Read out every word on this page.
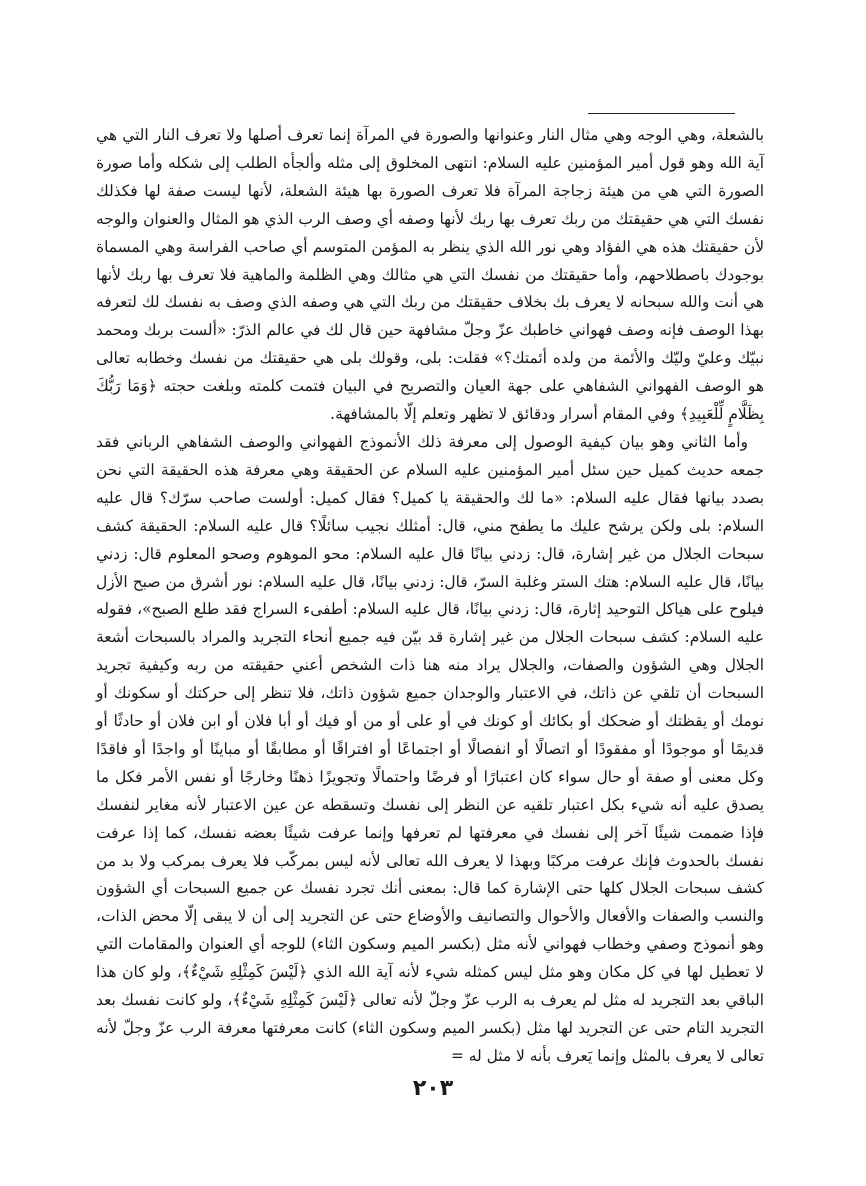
بالشعلة، وهي الوجه وهي مثال النار وعنوانها والصورة في المرآة إنما تعرف أصلها ولا تعرف النار التي هي آية الله وهو قول أمير المؤمنين عليه السلام: انتهى المخلوق إلى مثله وألجأه الطلب إلى شكله وأما صورة الصورة التي هي من هيئة زجاجة المرآة فلا تعرف الصورة بها هيئة الشعلة، لأنها ليست صفة لها فكذلك نفسك التي هي حقيقتك من ربك تعرف بها ربك لأنها وصفه أي وصف الرب الذي هو المثال والعنوان والوجه لأن حقيقتك هذه هي الفؤاد وهي نور الله الذي ينظر به المؤمن المتوسم أي صاحب الفراسة وهي المسماة بوجودك باصطلاحهم، وأما حقيقتك من نفسك التي هي مثالك وهي الظلمة والماهية فلا تعرف بها ربك لأنها هي أنت والله سبحانه لا يعرف بك بخلاف حقيقتك من ربك التي هي وصفه الذي وصف به نفسك لك لتعرفه بهذا الوصف فإنه وصف فهواني خاطبك عزّ وجلّ مشافهة حين قال لك في عالم الذرّ: «ألست بربك ومحمد نبيّك وعليّ وليّك والأئمة من ولده أئمتك؟» فقلت: بلى، وقولك بلى هي حقيقتك من نفسك وخطابه تعالى هو الوصف الفهواني الشفاهي على جهة العيان والتصريح في البيان فتمت كلمته وبلغت حجته ﴿وَمَا رَبُّكَ بِظَلَّامٍ لِّلْعَبِيدِ﴾ وفي المقام أسرار ودقائق لا تظهر وتعلم إلّا بالمشافهة.

وأما الثاني وهو بيان كيفية الوصول إلى معرفة ذلك الأنموذج الفهواني والوصف الشفاهي الرباني فقد جمعه حديث كميل حين سئل أمير المؤمنين عليه السلام عن الحقيقة وهي معرفة هذه الحقيقة التي نحن بصدد بيانها فقال عليه السلام: «ما لك والحقيقة يا كميل؟ فقال كميل: أولست صاحب سرّك؟ قال عليه السلام: بلى ولكن يرشح عليك ما يطفح مني، قال: أمثلك نجيب سائلًا؟ قال عليه السلام: الحقيقة كشف سبحات الجلال من غير إشارة، قال: زدني بيانًا قال عليه السلام: محو الموهوم وصحو المعلوم قال: زدني بيانًا، قال عليه السلام: هتك الستر وغلبة السرّ، قال: زدني بيانًا، قال عليه السلام: نور أشرق من صبح الأزل فيلوح على هياكل التوحيد إثارة، قال: زدني بيانًا، قال عليه السلام: أطفىء السراج فقد طلع الصبح»، فقوله عليه السلام: كشف سبحات الجلال من غير إشارة قد بيّن فيه جميع أنحاء التجريد والمراد بالسبحات أشعة الجلال وهي الشؤون والصفات، والجلال يراد منه هنا ذات الشخص أعني حقيقته من ربه وكيفية تجريد السبحات أن تلقي عن ذاتك، في الاعتبار والوجدان جميع شؤون ذاتك، فلا تنظر إلى حركتك أو سكونك أو نومك أو يقظتك أو ضحكك أو بكائك أو كونك في أو على أو من أو فيك أو أبا فلان أو ابن فلان أو حادثًا أو قديمًا أو موجودًا أو مفقودًا أو اتصالًا أو انفصالًا أو اجتماعًا أو افتراقًا أو مطابقًا أو مباينًا أو واجدًا أو فاقدًا وكل معنى أو صفة أو حال سواء كان اعتبارًا أو فرضًا واحتمالًا وتجويزًا ذهنًا وخارجًا أو نفس الأمر فكل ما يصدق عليه أنه شيء بكل اعتبار تلقيه عن النظر إلى نفسك وتسقطه عن عين الاعتبار لأنه مغاير لنفسك فإذا ضممت شيئًا آخر إلى نفسك في معرفتها لم تعرفها وإنما عرفت شيئًا بعضه نفسك، كما إذا عرفت نفسك بالحدوث فإنك عرفت مركبًا وبهذا لا يعرف الله تعالى لأنه ليس بمركّب فلا يعرف بمركب ولا بد من كشف سبحات الجلال كلها حتى الإشارة كما قال: بمعنى أنك تجرد نفسك عن جميع السبحات أي الشؤون والنسب والصفات والأفعال والأحوال والتصانيف والأوضاع حتى عن التجريد إلى أن لا يبقى إلّا محض الذات، وهو أنموذج وصفي وخطاب فهواني لأنه مثل (بكسر الميم وسكون الثاء) للوجه أي العنوان والمقامات التي لا تعطيل لها في كل مكان وهو مثل ليس كمثله شيء لأنه آية الله الذي ﴿لَيْسَ كَمِثْلِهِ شَيْءٌ﴾، ولو كان هذا الباقي بعد التجريد له مثل لم يعرف به الرب عزّ وجلّ لأنه تعالى ﴿لَيْسَ كَمِثْلِهِ شَيْءٌ﴾، ولو كانت نفسك بعد التجريد التام حتى عن التجريد لها مثل (بكسر الميم وسكون الثاء) كانت معرفتها معرفة الرب عزّ وجلّ لأنه تعالى لا يعرف بالمثل وإنما يَعرف بأنه لا مثل له =

٢٠٣
